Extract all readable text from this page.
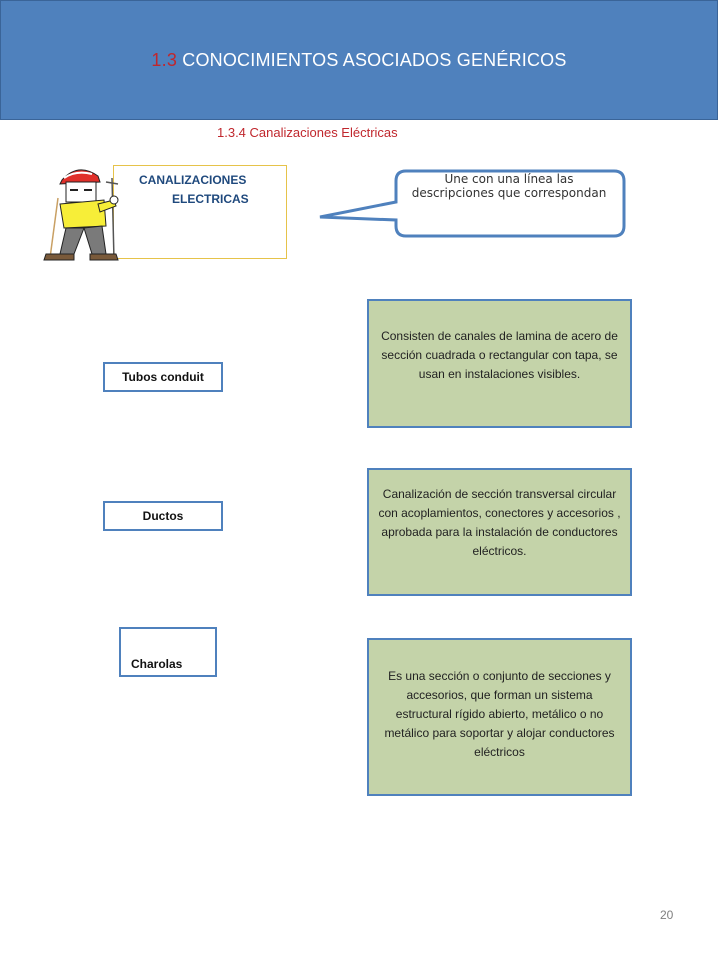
1.3 CONOCIMIENTOS ASOCIADOS GENÉRICOS
1.3.4 Canalizaciones Eléctricas
CANALIZACIONES
ELECTRICAS
Une con una línea las descripciones que correspondan
Tubos conduit
Ductos
Charolas
Consisten de canales de lamina de acero de sección cuadrada o rectangular con tapa, se usan en instalaciones visibles.
Canalización de sección transversal circular con acoplamientos, conectores y accesorios , aprobada para la instalación de conductores eléctricos.
Es una sección o conjunto de secciones y accesorios, que forman un sistema estructural rígido abierto, metálico o no metálico para soportar y alojar conductores eléctricos
20
